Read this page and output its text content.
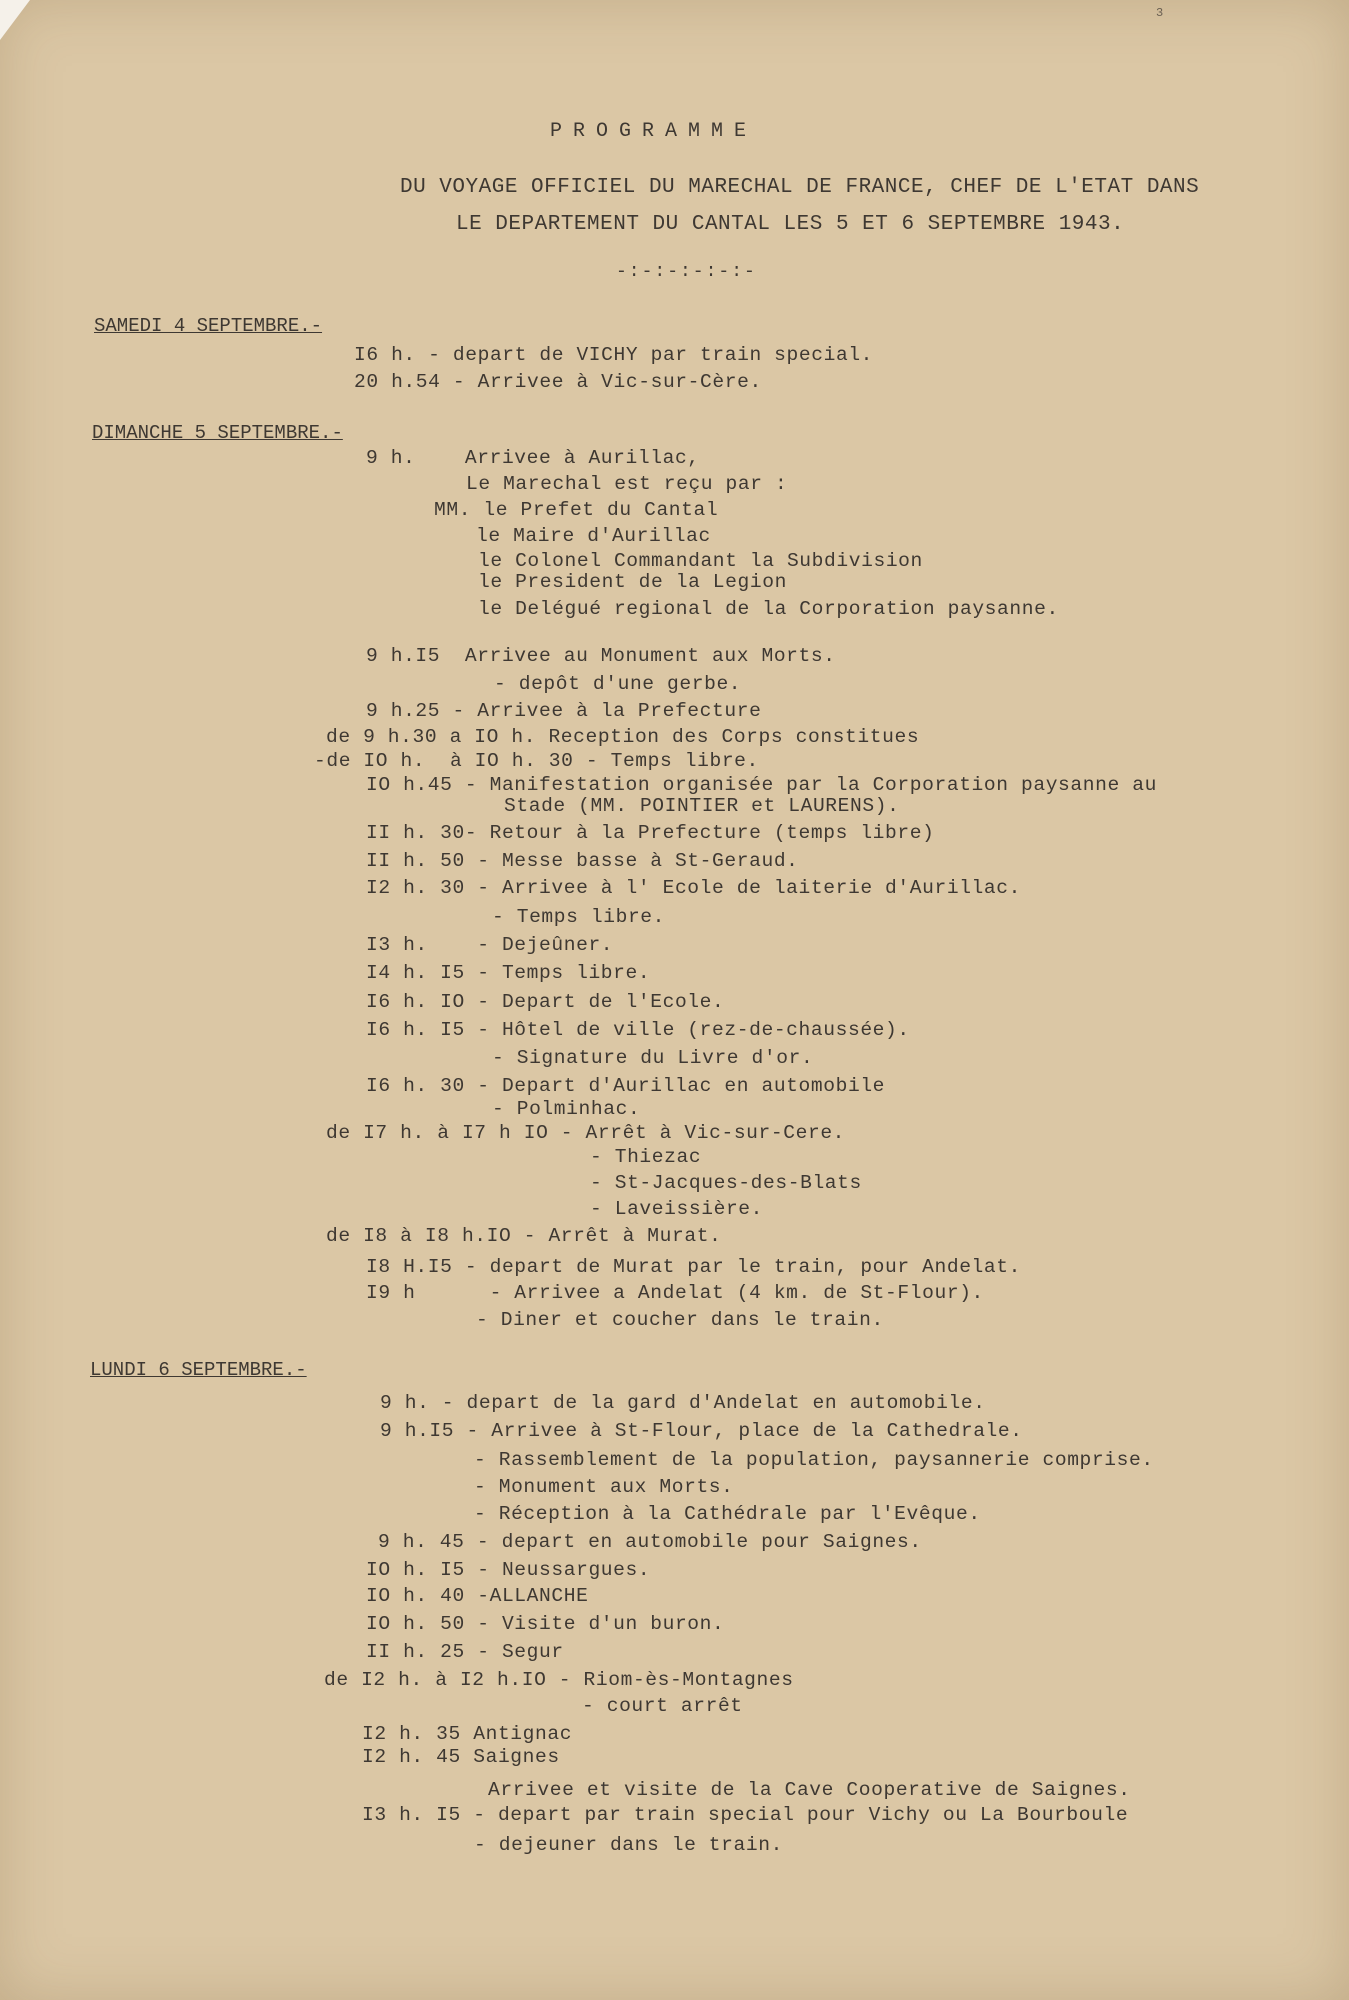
3
PROGRAMME
DU VOYAGE OFFICIEL DU MARECHAL DE FRANCE, CHEF DE L'ETAT DANS
LE DEPARTEMENT DU CANTAL LES 5 ET 6 SEPTEMBRE 1943.
-:-:-:-:-:-
SAMEDI 4 SEPTEMBRE.-
I6 h. - depart de VICHY par train special.
20 h.54 - Arrivee à Vic-sur-Cère.
DIMANCHE 5 SEPTEMBRE.-
9 h.    Arrivee à Aurillac,
Le Marechal est reçu par :
MM. le Prefet du Cantal
le Maire d'Aurillac
le Colonel Commandant la Subdivision
le President de la Legion
le Delégué regional de la Corporation paysanne.
9 h.I5  Arrivee au Monument aux Morts.
- depôt d'une gerbe.
9 h.25 - Arrivee à la Prefecture
de 9 h.30 a IO h. Reception des Corps constitues
-de IO h.  à IO h. 30 - Temps libre.
IO h.45 - Manifestation organisée par la Corporation paysanne au
Stade (MM. POINTIER et LAURENS).
II h. 30- Retour à la Prefecture (temps libre)
II h. 50 - Messe basse à St-Geraud.
I2 h. 30 - Arrivee à l' Ecole de laiterie d'Aurillac.
- Temps libre.
I3 h.    - Dejeûner.
I4 h. I5 - Temps libre.
I6 h. IO - Depart de l'Ecole.
I6 h. I5 - Hôtel de ville (rez-de-chaussée).
- Signature du Livre d'or.
I6 h. 30 - Depart d'Aurillac en automobile
- Polminhac.
de I7 h. à I7 h IO - Arrêt à Vic-sur-Cere.
- Thiezac
- St-Jacques-des-Blats
- Laveissière.
de I8 à I8 h.IO - Arrêt à Murat.
I8 H.I5 - depart de Murat par le train, pour Andelat.
I9 h      - Arrivee a Andelat (4 km. de St-Flour).
- Diner et coucher dans le train.
LUNDI 6 SEPTEMBRE.-
9 h. - depart de la gard d'Andelat en automobile.
9 h.I5 - Arrivee à St-Flour, place de la Cathedrale.
- Rassemblement de la population, paysannerie comprise.
- Monument aux Morts.
- Réception à la Cathédrale par l'Evêque.
9 h. 45 - depart en automobile pour Saignes.
IO h. I5 - Neussargues.
IO h. 40 -ALLANCHE
IO h. 50 - Visite d'un buron.
II h. 25 - Segur
de I2 h. à I2 h.IO - Riom-ès-Montagnes
- court arrêt
I2 h. 35 Antignac
I2 h. 45 Saignes
Arrivee et visite de la Cave Cooperative de Saignes.
I3 h. I5 - depart par train special pour Vichy ou La Bourboule
- dejeuner dans le train.
